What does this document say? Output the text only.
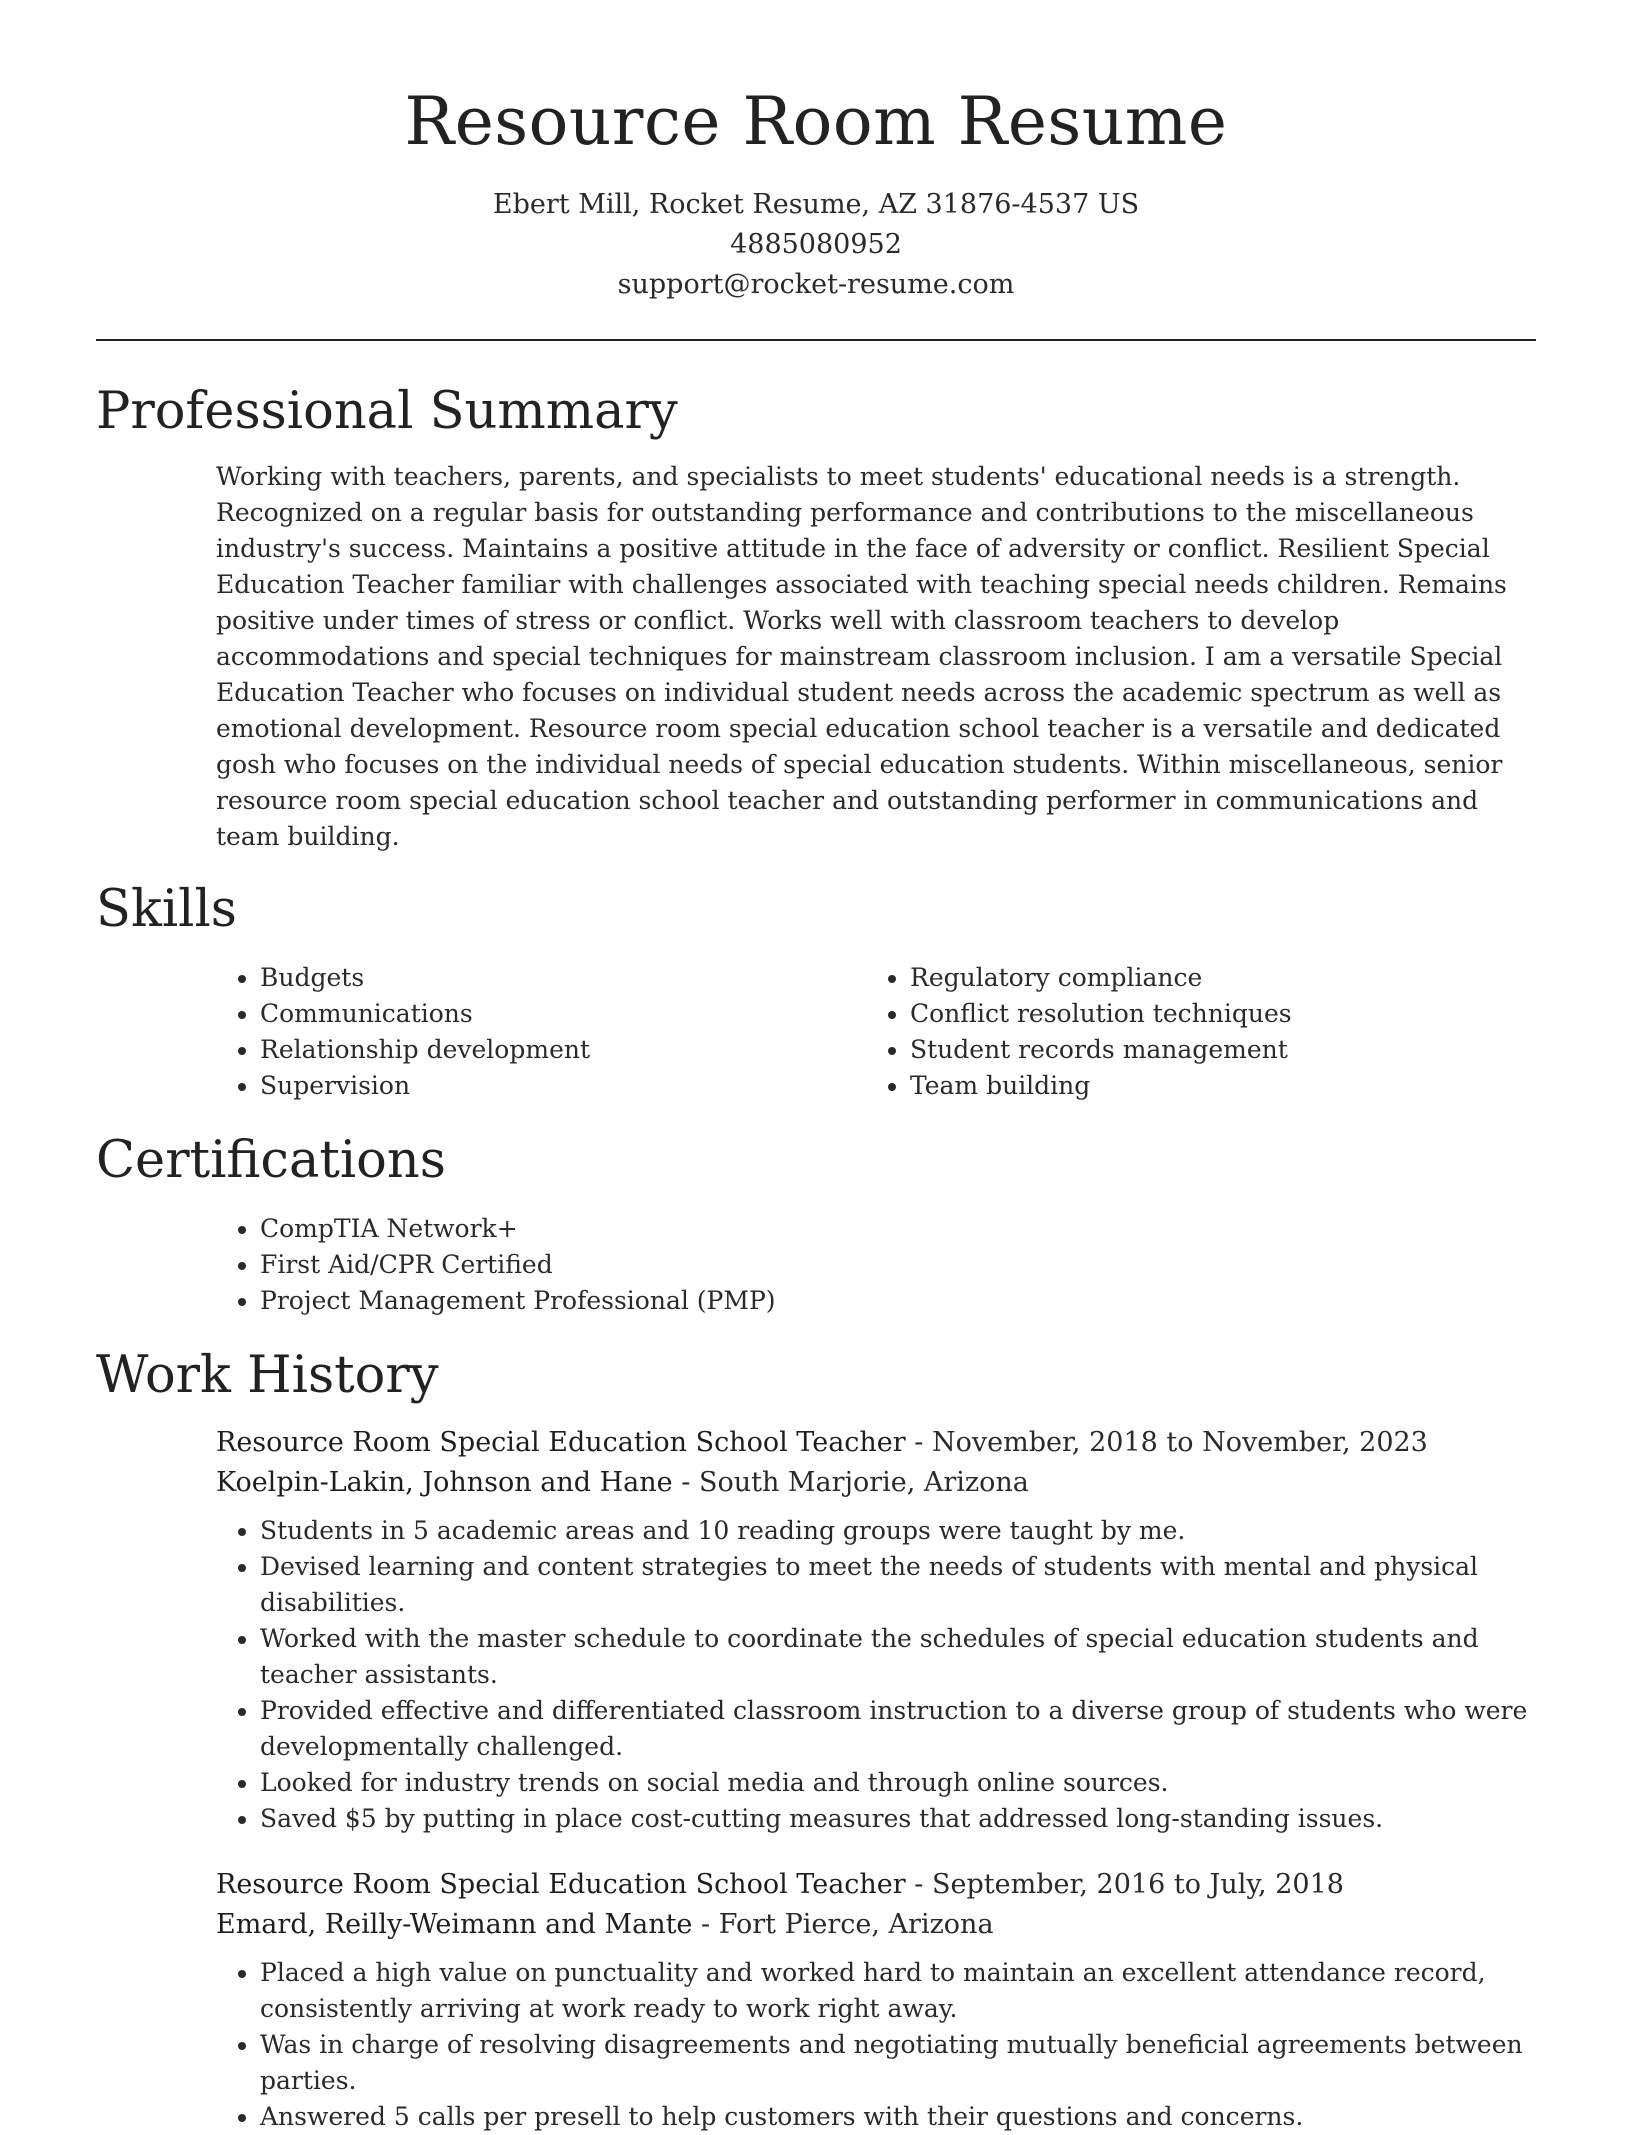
Resource Room Resume
Ebert Mill, Rocket Resume, AZ 31876-4537 US
4885080952
support@rocket-resume.com
Professional Summary

Working with teachers, parents, and specialists to meet students' educational needs is a strength. Recognized on a regular basis for outstanding performance and contributions to the miscellaneous industry's success. Maintains a positive attitude in the face of adversity or conflict. Resilient Special Education Teacher familiar with challenges associated with teaching special needs children. Remains positive under times of stress or conflict. Works well with classroom teachers to develop accommodations and special techniques for mainstream classroom inclusion. I am a versatile Special Education Teacher who focuses on individual student needs across the academic spectrum as well as emotional development. Resource room special education school teacher is a versatile and dedicated gosh who focuses on the individual needs of special education students. Within miscellaneous, senior resource room special education school teacher and outstanding performer in communications and team building.

Skills
• Budgets
• Communications
• Relationship development
• Supervision
• Regulatory compliance
• Conflict resolution techniques
• Student records management
• Team building
Certifications
• CompTIA Network+
• First Aid/CPR Certified
• Project Management Professional (PMP)
Work History
Resource Room Special Education School Teacher - November, 2018 to November, 2023
Koelpin-Lakin, Johnson and Hane - South Marjorie, Arizona
• Students in 5 academic areas and 10 reading groups were taught by me.
• Devised learning and content strategies to meet the needs of students with mental and physical disabilities.
• Worked with the master schedule to coordinate the schedules of special education students and teacher assistants.
• Provided effective and differentiated classroom instruction to a diverse group of students who were developmentally challenged.
• Looked for industry trends on social media and through online sources.
• Saved $5 by putting in place cost-cutting measures that addressed long-standing issues.
Resource Room Special Education School Teacher - September, 2016 to July, 2018
Emard, Reilly-Weimann and Mante - Fort Pierce, Arizona
• Placed a high value on punctuality and worked hard to maintain an excellent attendance record, consistently arriving at work ready to work right away.
• Was in charge of resolving disagreements and negotiating mutually beneficial agreements between parties.
• Answered 5 calls per presell to help customers with their questions and concerns.
